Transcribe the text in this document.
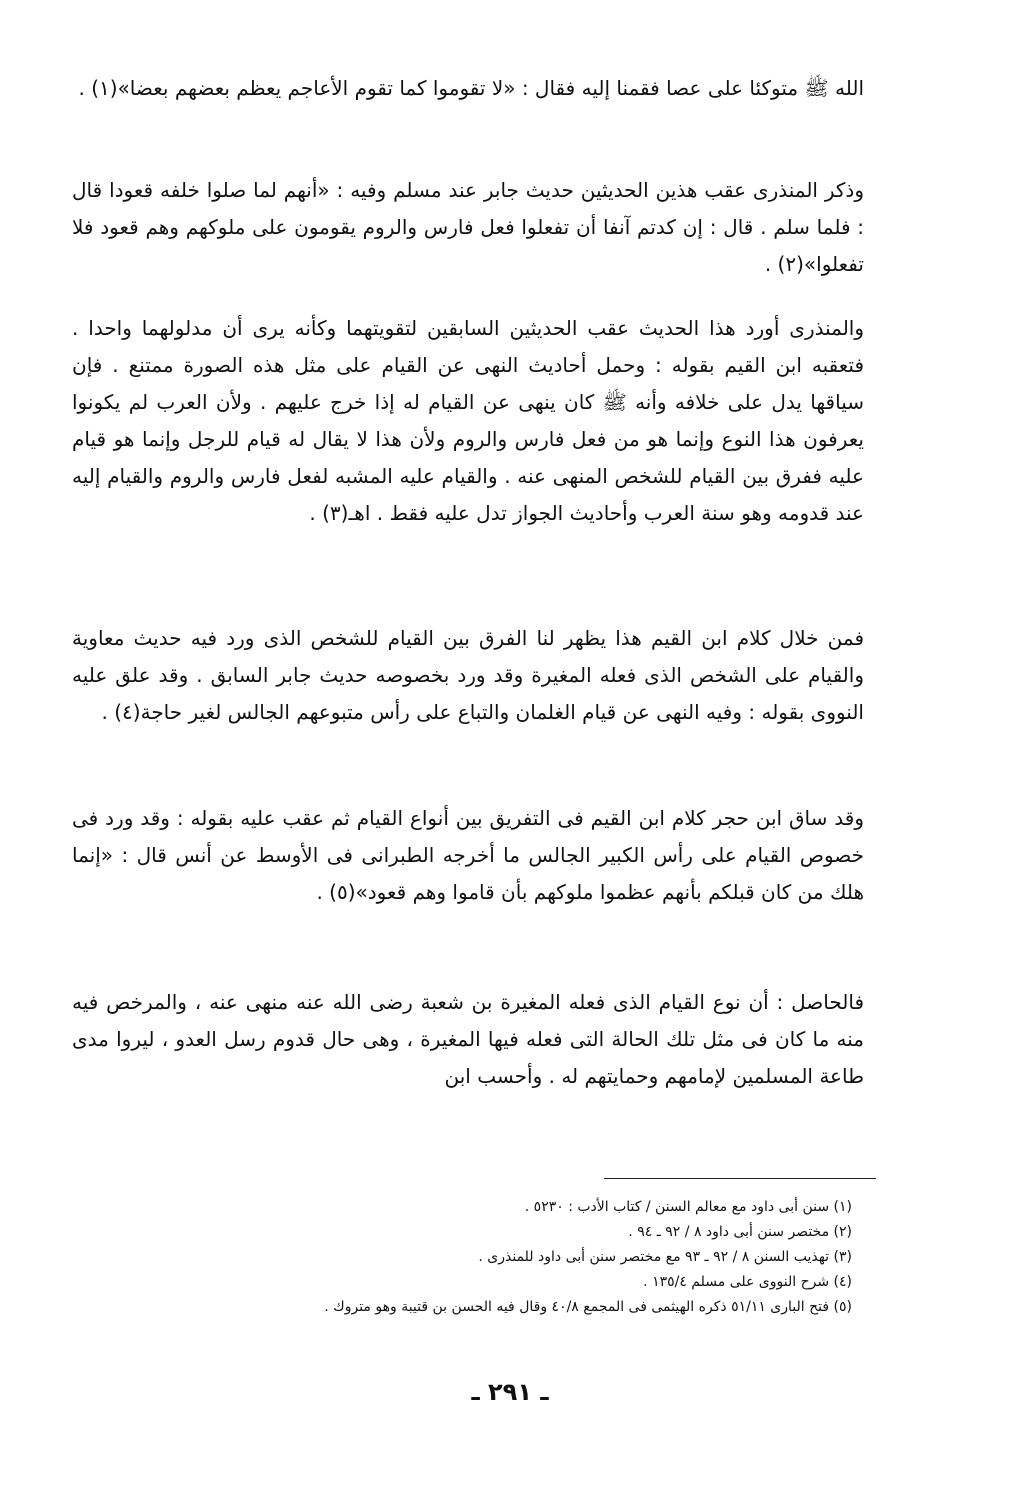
الله ﷺ متوكئا على عصا فقمنا إليه فقال : «لا تقوموا كما تقوم الأعاجم يعظم بعضهم بعضا»(١) .

وذكر المنذرى عقب هذين الحديثين حديث جابر عند مسلم وفيه : «أنهم لما صلوا خلفه قعودا قال : فلما سلم . قال : إن كدتم آنفا أن تفعلوا فعل فارس والروم يقومون على ملوكهم وهم قعود فلا تفعلوا»(٢) .

والمنذرى أورد هذا الحديث عقب الحديثين السابقين لتقويتهما وكأنه يرى أن مدلولهما واحدا . فتعقبه ابن القيم بقوله : وحمل أحاديث النهى عن القيام على مثل هذه الصورة ممتنع . فإن سياقها يدل على خلافه وأنه ﷺ كان ينهى عن القيام له إذا خرج عليهم . ولأن العرب لم يكونوا يعرفون هذا النوع وإنما هو من فعل فارس والروم ولأن هذا لا يقال له قيام للرجل وإنما هو قيام عليه ففرق بين القيام للشخص المنهى عنه . والقيام عليه المشبه لفعل فارس والروم والقيام إليه عند قدومه وهو سنة العرب وأحاديث الجواز تدل عليه فقط . اهـ(٣) .

فمن خلال كلام ابن القيم هذا يظهر لنا الفرق بين القيام للشخص الذى ورد فيه حديث معاوية والقيام على الشخص الذى فعله المغيرة وقد ورد بخصوصه حديث جابر السابق . وقد علق عليه النووى بقوله : وفيه النهى عن قيام الغلمان والتباع على رأس متبوعهم الجالس لغير حاجة(٤) .

وقد ساق ابن حجر كلام ابن القيم فى التفريق بين أنواع القيام ثم عقب عليه بقوله : وقد ورد فى خصوص القيام على رأس الكبير الجالس ما أخرجه الطبرانى فى الأوسط عن أنس قال : «إنما هلك من كان قبلكم بأنهم عظموا ملوكهم بأن قاموا وهم قعود»(٥) .

فالحاصل : أن نوع القيام الذى فعله المغيرة بن شعبة رضى الله عنه منهى عنه ، والمرخص فيه منه ما كان فى مثل تلك الحالة التى فعله فيها المغيرة ، وهى حال قدوم رسل العدو ، ليروا مدى طاعة المسلمين لإمامهم وحمايتهم له . وأحسب ابن

(١) سنن أبى داود مع معالم السنن / كتاب الأدب : ٥٢٣٠ .

(٢) مختصر سنن أبى داود ٨ / ٩٢ ـ ٩٤ .

(٣) تهذيب السنن ٨ / ٩٢ ـ ٩٣ مع مختصر سنن أبى داود للمنذرى .

(٤) شرح النووى على مسلم ١٣٥/٤ .

(٥) فتح البارى ٥١/١١ ذكره الهيثمى فى المجمع ٤٠/٨ وقال فيه الحسن بن قتيبة وهو متروك .

ـ ٢٩١ ـ
